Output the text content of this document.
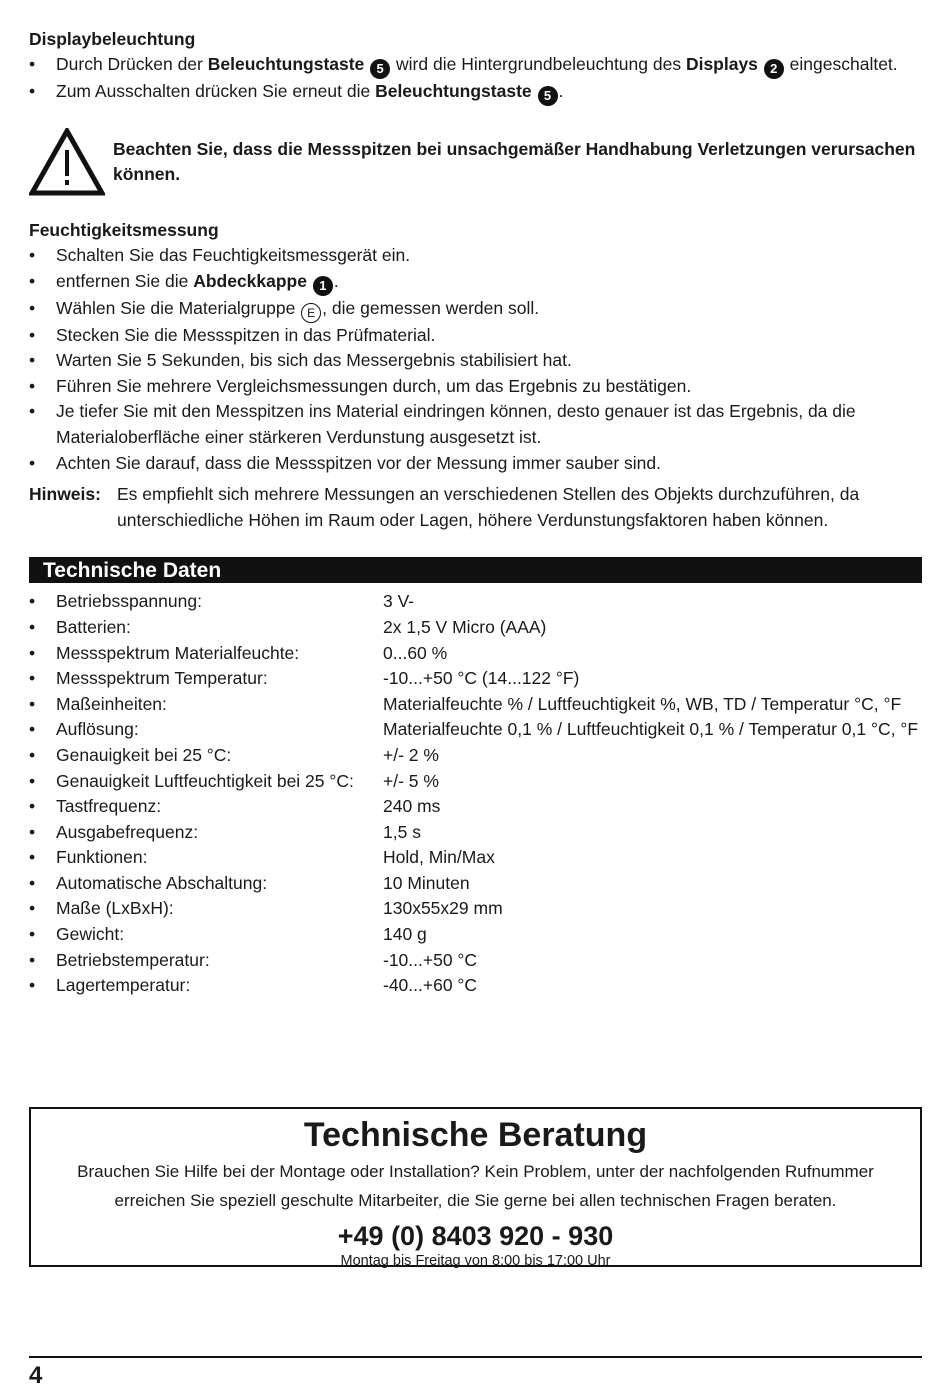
Displaybeleuchtung
• Durch Drücken der Beleuchtungstaste 5 wird die Hintergrundbeleuchtung des Displays 2 eingeschaltet.
• Zum Ausschalten drücken Sie erneut die Beleuchtungstaste 5 .
Beachten Sie, dass die Messspitzen bei unsachgemäßer Handhabung Verletzungen verursachen können.
Feuchtigkeitsmessung
• Schalten Sie das Feuchtigkeitsmessgerät ein.
• entfernen Sie die Abdeckkappe 1 .
• Wählen Sie die Materialgruppe E , die gemessen werden soll.
• Stecken Sie die Messspitzen in das Prüfmaterial.
• Warten Sie 5 Sekunden, bis sich das Messergebnis stabilisiert hat.
• Führen Sie mehrere Vergleichsmessungen durch, um das Ergebnis zu bestätigen.
• Je tiefer Sie mit den Messpitzen ins Material eindringen können, desto genauer ist das Ergebnis, da die Materialoberfläche einer stärkeren Verdunstung ausgesetzt ist.
• Achten Sie darauf, dass die Messspitzen vor der Messung immer sauber sind.
Hinweis: Es empfiehlt sich mehrere Messungen an verschiedenen Stellen des Objekts durchzuführen, da unterschiedliche Höhen im Raum oder Lagen, höhere Verdunstungsfaktoren haben können.
Technische Daten
• Betriebsspannung:	3 V-
• Batterien:	2x 1,5 V Micro (AAA)
• Messspektrum Materialfeuchte:	0...60 %
• Messspektrum Temperatur:	-10...+50 °C (14...122 °F)
• Maßeinheiten:	Materialfeuchte % / Luftfeuchtigkeit %, WB, TD / Temperatur °C, °F
• Auflösung:	Materialfeuchte 0,1 % / Luftfeuchtigkeit 0,1 % / Temperatur 0,1 °C, °F
• Genauigkeit bei 25 °C:	+/- 2 %
• Genauigkeit Luftfeuchtigkeit bei 25 °C:	+/- 5 %
• Tastfrequenz:	240 ms
• Ausgabefrequenz:	1,5 s
• Funktionen:	Hold, Min/Max
• Automatische Abschaltung:	10 Minuten
• Maße (LxBxH):	130x55x29 mm
• Gewicht:	140 g
• Betriebstemperatur:	-10...+50 °C
• Lagertemperatur:	-40...+60 °C
Technische Beratung
Brauchen Sie Hilfe bei der Montage oder Installation? Kein Problem, unter der nachfolgenden Rufnummer
erreichen Sie speziell geschulte Mitarbeiter, die Sie gerne bei allen technischen Fragen beraten.
+49 (0) 8403 920 - 930
Montag bis Freitag von 8:00 bis 17:00 Uhr
4
